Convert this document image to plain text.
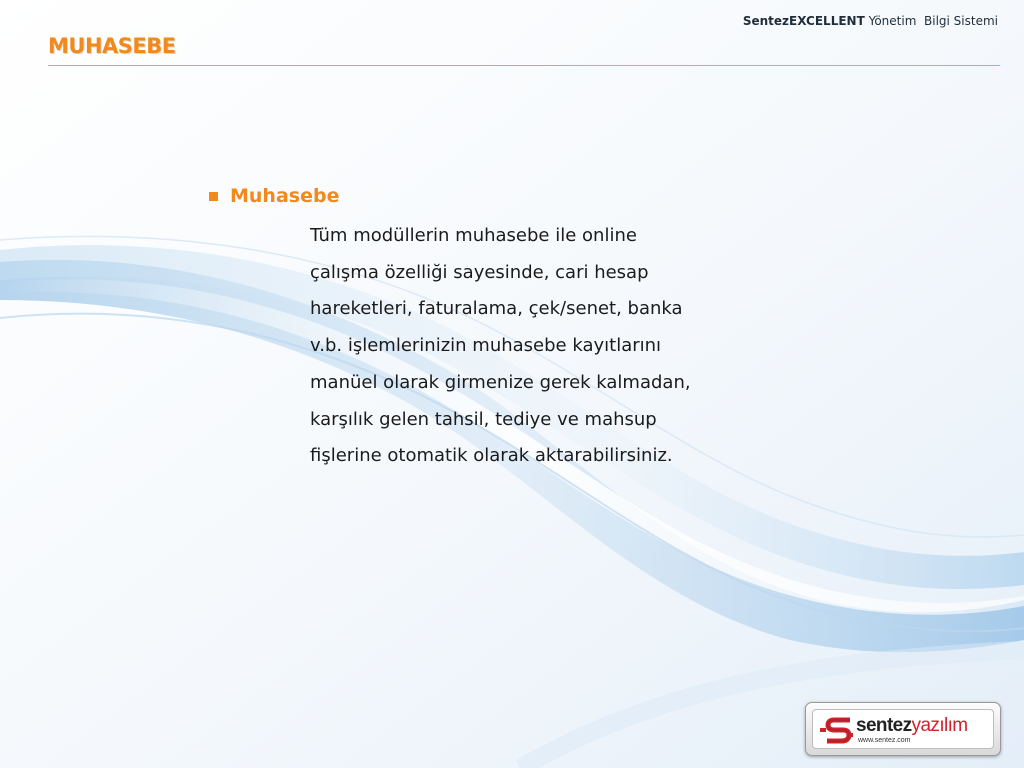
SentezEXCELLENT Yönetim  Bilgi Sistemi
MUHASEBE
Muhasebe
Tüm modüllerin muhasebe ile online
çalışma özelliği sayesinde, cari hesap
hareketleri, faturalama, çek/senet, banka
v.b. işlemlerinizin muhasebe kayıtlarını
manüel olarak girmenize gerek kalmadan,
karşılık gelen tahsil, tediye ve mahsup
fişlerine otomatik olarak aktarabilirsiniz.
sentezyazılım
www.sentez.com
